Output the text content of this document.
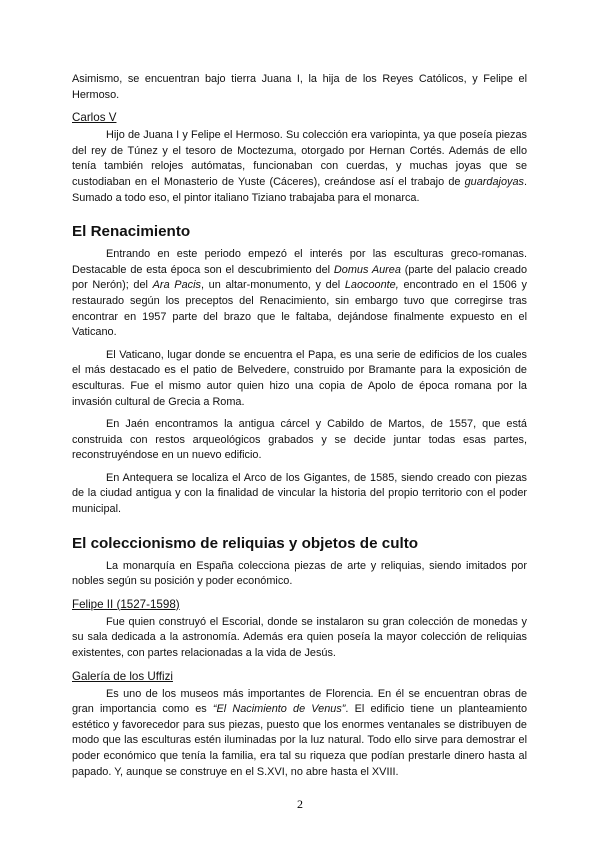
Asimismo, se encuentran bajo tierra Juana I, la hija de los Reyes Católicos, y Felipe el Hermoso.

Carlos V

Hijo de Juana I y Felipe el Hermoso. Su colección era variopinta, ya que poseía piezas del rey de Túnez y el tesoro de Moctezuma, otorgado por Hernan Cortés. Además de ello tenía también relojes autómatas, funcionaban con cuerdas, y muchas joyas que se custodiaban en el Monasterio de Yuste (Cáceres), creándose así el trabajo de guardajoyas. Sumado a todo eso, el pintor italiano Tiziano trabajaba para el monarca.

El Renacimiento

Entrando en este periodo empezó el interés por las esculturas greco-romanas. Destacable de esta época son el descubrimiento del Domus Aurea (parte del palacio creado por Nerón); del Ara Pacis, un altar-monumento, y del Laocoonte, encontrado en el 1506 y restaurado según los preceptos del Renacimiento, sin embargo tuvo que corregirse tras encontrar en 1957 parte del brazo que le faltaba, dejándose finalmente expuesto en el Vaticano.

El Vaticano, lugar donde se encuentra el Papa, es una serie de edificios de los cuales el más destacado es el patio de Belvedere, construido por Bramante para la exposición de esculturas. Fue el mismo autor quien hizo una copia de Apolo de época romana por la invasión cultural de Grecia a Roma.

En Jaén encontramos la antigua cárcel y Cabildo de Martos, de 1557, que está construida con restos arqueológicos grabados y se decide juntar todas esas partes, reconstruyéndose en un nuevo edificio.

En Antequera se localiza el Arco de los Gigantes, de 1585, siendo creado con piezas de la ciudad antigua y con la finalidad de vincular la historia del propio territorio con el poder municipal.

El coleccionismo de reliquias y objetos de culto

La monarquía en España colecciona piezas de arte y reliquias, siendo imitados por nobles según su posición y poder económico.

Felipe II (1527-1598)

Fue quien construyó el Escorial, donde se instalaron su gran colección de monedas y su sala dedicada a la astronomía. Además era quien poseía la mayor colección de reliquias existentes, con partes relacionadas a la vida de Jesús.

Galería de los Uffizi

Es uno de los museos más importantes de Florencia. En él se encuentran obras de gran importancia como es “El Nacimiento de Venus”. El edificio tiene un planteamiento estético y favorecedor para sus piezas, puesto que los enormes ventanales se distribuyen de modo que las esculturas estén iluminadas por la luz natural. Todo ello sirve para demostrar el poder económico que tenía la familia, era tal su riqueza que podían prestarle dinero hasta al papado. Y, aunque se construye en el S.XVI, no abre hasta el XVIII.

2
